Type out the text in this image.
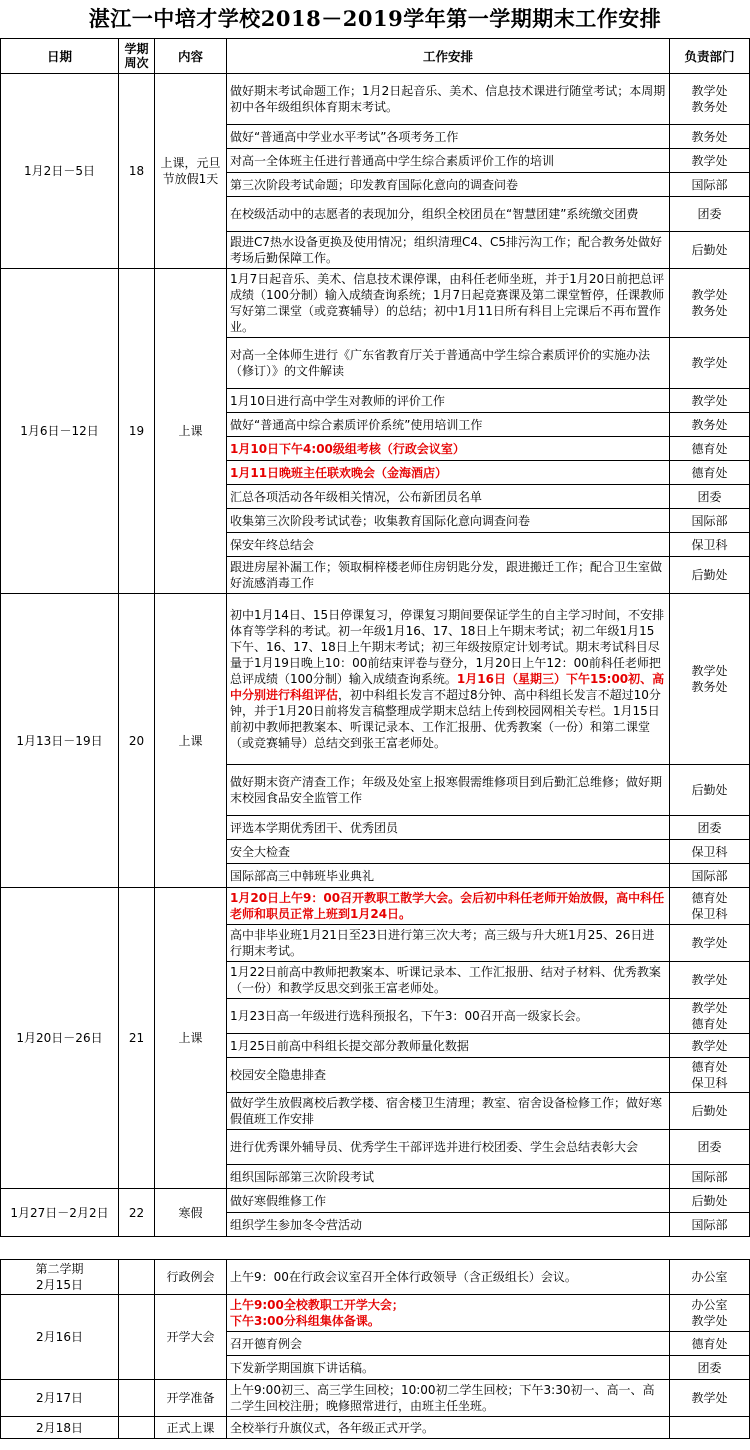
湛江一中培才学校2018－2019学年第一学期期末工作安排
日期	学期周次	内容	工作安排	负责部门
1月2日－5日	18	上课，元旦节放假1天	做好期末考试命题工作；1月2日起音乐、美术、信息技术课进行随堂考试；本周期初中各年级组织体育期末考试。	教学处
教务处
			做好“普通高中学业水平考试”各项考务工作	教务处
			对高一全体班主任进行普通高中学生综合素质评价工作的培训	教学处
			第三次阶段考试命题；印发教育国际化意向的调查问卷	国际部
			在校级活动中的志愿者的表现加分，组织全校团员在“智慧团建”系统缴交团费	团委
			跟进C7热水设备更换及使用情况；组织清理C4、C5排污沟工作；配合教务处做好考场后勤保障工作。	后勤处
1月6日－12日	19	上课	1月7日起音乐、美术、信息技术课停课，由科任老师坐班，并于1月20日前把总评成绩（100分制）输入成绩查询系统；1月7日起竞赛课及第二课堂暂停，任课教师写好第二课堂（或竞赛辅导）的总结；初中1月11日所有科目上完课后不再布置作业。	教学处
教务处
			对高一全体师生进行《广东省教育厅关于普通高中学生综合素质评价的实施办法（修订）》的文件解读	教学处
			1月10日进行高中学生对教师的评价工作	教学处
			做好“普通高中综合素质评价系统”使用培训工作	教务处
			1月10日下午4:00级组考核（行政会议室）	德育处
			1月11日晚班主任联欢晚会（金海酒店）	德育处
			汇总各项活动各年级相关情况，公布新团员名单	团委
			收集第三次阶段考试试卷；收集教育国际化意向调查问卷	国际部
			保安年终总结会	保卫科
			跟进房屋补漏工作；领取桐梓楼老师住房钥匙分发，跟进搬迁工作；配合卫生室做好流感消毒工作	后勤处
1月13日－19日	20	上课	初中1月14日、15日停课复习，停课复习期间要保证学生的自主学习时间，不安排体育等学科的考试。初一年级1月16、17、18日上午期末考试；初二年级1月15下午、16、17、18日上午期末考试；初三年级按原定计划考试。期末考试科目尽量于1月19日晚上10：00前结束评卷与登分，1月20日上午12：00前科任老师把总评成绩（100分制）输入成绩查询系统。1月16日（星期三）下午15:00初、高中分别进行科组评估，初中科组长发言不超过8分钟、高中科组长发言不超过10分钟，并于1月20日前将发言稿整理成学期末总结上传到校园网相关专栏。1月15日前初中教师把教案本、听课记录本、工作汇报册、优秀教案（一份）和第二课堂（或竞赛辅导）总结交到张王富老师处。	教学处
教务处
			做好期末资产清查工作；年级及处室上报寒假需维修项目到后勤汇总维修；做好期末校园食品安全监管工作	后勤处
			评选本学期优秀团干、优秀团员	团委
			安全大检查	保卫科
			国际部高三中韩班毕业典礼	国际部
1月20日－26日	21	上课	1月20日上午9：00召开教职工散学大会。会后初中科任老师开始放假，高中科任老师和职员正常上班到1月24日。	德育处
保卫科
			高中非毕业班1月21日至23日进行第三次大考；高三级与升大班1月25、26日进行期末考试。	教学处
			1月22日前高中教师把教案本、听课记录本、工作汇报册、结对子材料、优秀教案（一份）和教学反思交到张王富老师处。	教学处
			1月23日高一年级进行选科预报名，下午3：00召开高一级家长会。	教学处
德育处
			1月25日前高中科组长提交部分教师量化数据	教学处
			校园安全隐患排查	德育处
保卫科
			做好学生放假离校后教学楼、宿舍楼卫生清理；教室、宿舍设备检修工作；做好寒假值班工作安排	后勤处
			进行优秀课外辅导员、优秀学生干部评选并进行校团委、学生会总结表彰大会	团委
			组织国际部第三次阶段考试	国际部
1月27日－2月2日	22	寒假	做好寒假维修工作	后勤处
			组织学生参加冬令营活动	国际部

第二学期
2月15日		行政例会	上午9：00在行政会议室召开全体行政领导（含正级组长）会议。	办公室
2月16日		开学大会	上午9:00全校教职工开学大会；
下午3:00分科组集体备课。	办公室
教学处
			召开德育例会	德育处
			下发新学期国旗下讲话稿。	团委
2月17日		开学准备	上午9:00初三、高三学生回校；10:00初二学生回校；下午3:30初一、高一、高二学生回校注册；晚修照常进行，由班主任坐班。	教学处
2月18日		正式上课	全校举行升旗仪式，各年级正式开学。	
